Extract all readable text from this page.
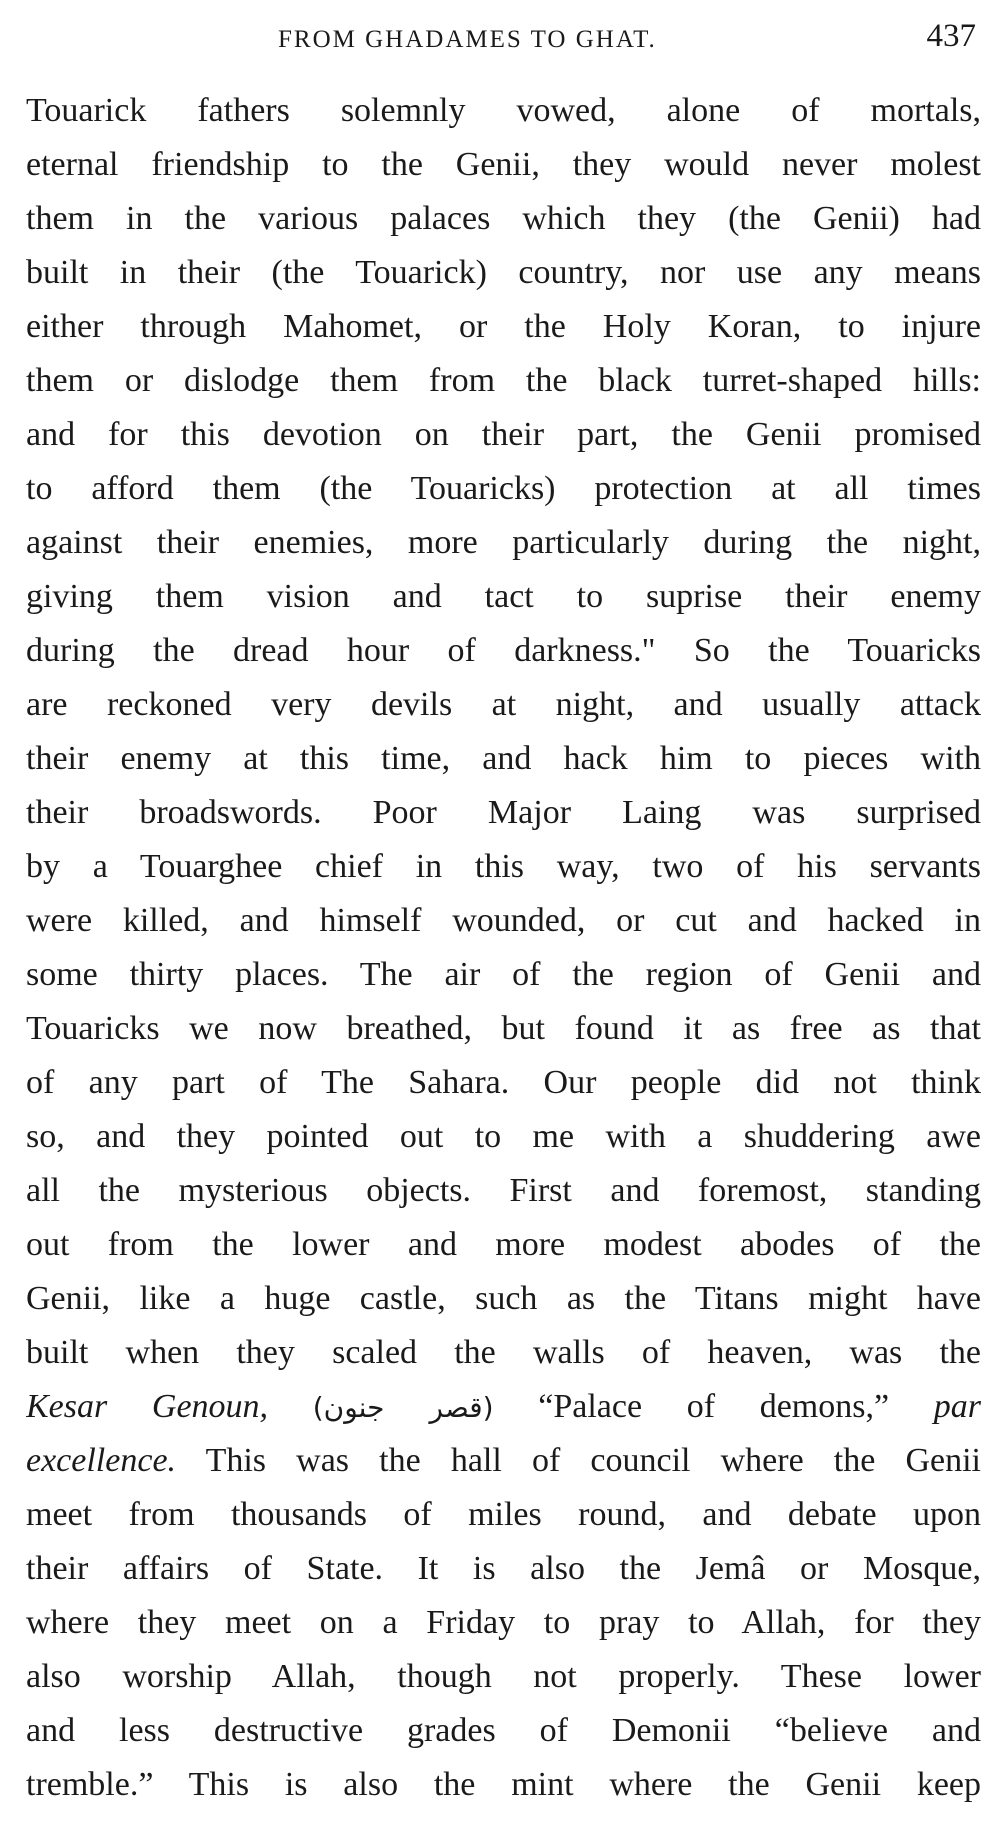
FROM GHADAMES TO GHAT.	437
Touarick fathers solemnly vowed, alone of mortals,
eternal friendship to the Genii, they would never molest
them in the various palaces which they (the Genii) had
built in their (the Touarick) country, nor use any means
either through Mahomet, or the Holy Koran, to injure
them or dislodge them from the black turret-shaped hills:
and for this devotion on their part, the Genii promised
to afford them (the Touaricks) protection at all times
against their enemies, more particularly during the night,
giving them vision and tact to suprise their enemy
during the dread hour of darkness." So the Touaricks
are reckoned very devils at night, and usually attack
their enemy at this time, and hack him to pieces with
their broadswords. Poor Major Laing was surprised
by a Touarghee chief in this way, two of his servants
were killed, and himself wounded, or cut and hacked in
some thirty places. The air of the region of Genii and
Touaricks we now breathed, but found it as free as that
of any part of The Sahara. Our people did not think
so, and they pointed out to me with a shuddering awe
all the mysterious objects. First and foremost, standing
out from the lower and more modest abodes of the
Genii, like a huge castle, such as the Titans might have
built when they scaled the walls of heaven, was the
Kesar Genoun, (قصر جنون) “Palace of demons,” par
excellence. This was the hall of council where the Genii
meet from thousands of miles round, and debate upon
their affairs of State. It is also the Jemâ or Mosque,
where they meet on a Friday to pray to Allah, for they
also worship Allah, though not properly. These lower
and less destructive grades of Demonii “believe and
tremble.” This is also the mint where the Genii keep
